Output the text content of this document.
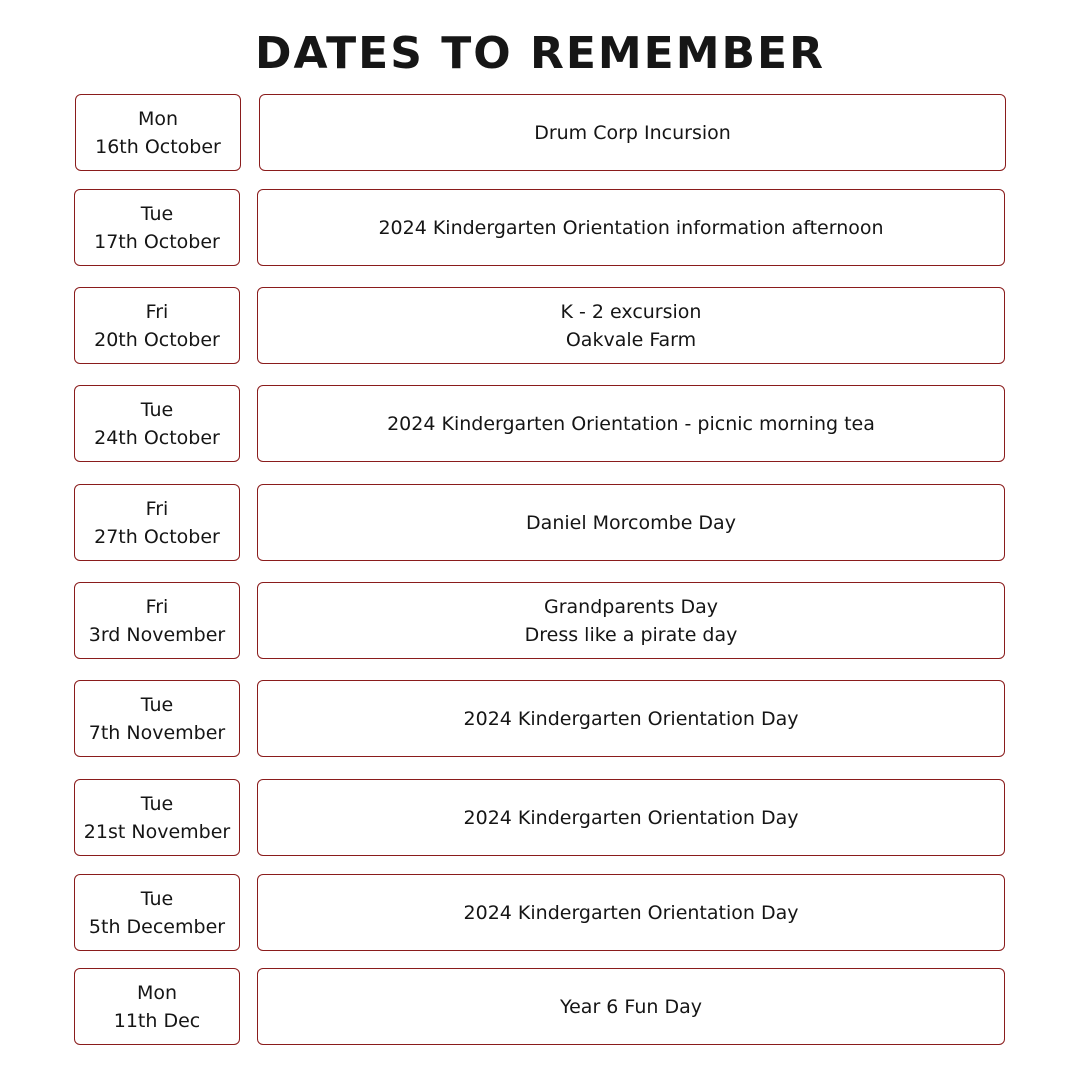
DATES TO REMEMBER
Mon
16th October
Drum Corp Incursion
Tue
17th October
2024 Kindergarten Orientation information afternoon
Fri
20th October
K - 2 excursion
Oakvale Farm
Tue
24th October
2024 Kindergarten Orientation - picnic morning tea
Fri
27th October
Daniel Morcombe Day
Fri
3rd November
Grandparents Day
Dress like a pirate day
Tue
7th November
2024 Kindergarten Orientation Day
Tue
21st November
2024 Kindergarten Orientation Day
Tue
5th December
2024 Kindergarten Orientation Day
Mon
11th Dec
Year 6 Fun Day
